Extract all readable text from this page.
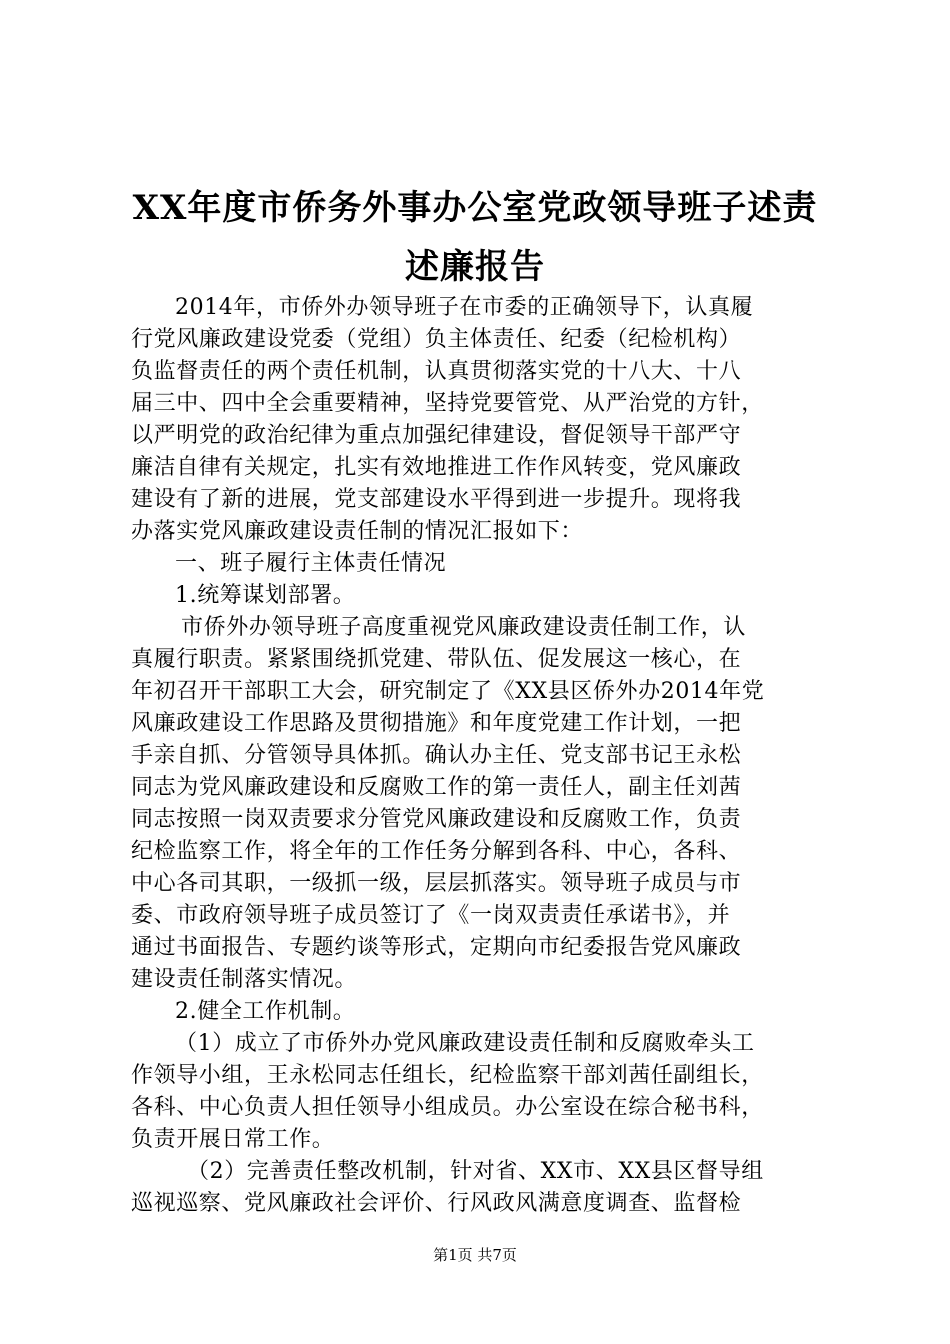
XX年度市侨务外事办公室党政领导班子述责
述廉报告
2014年，市侨外办领导班子在市委的正确领导下，认真履
行党风廉政建设党委（党组）负主体责任、纪委（纪检机构）
负监督责任的两个责任机制，认真贯彻落实党的十八大、十八
届三中、四中全会重要精神，坚持党要管党、从严治党的方针，
以严明党的政治纪律为重点加强纪律建设，督促领导干部严守
廉洁自律有关规定，扎实有效地推进工作作风转变，党风廉政
建设有了新的进展，党支部建设水平得到进一步提升。现将我
办落实党风廉政建设责任制的情况汇报如下：
一、班子履行主体责任情况
1.统筹谋划部署。
市侨外办领导班子高度重视党风廉政建设责任制工作，认
真履行职责。紧紧围绕抓党建、带队伍、促发展这一核心，在
年初召开干部职工大会，研究制定了《XX县区侨外办2014年党
风廉政建设工作思路及贯彻措施》和年度党建工作计划，一把
手亲自抓、分管领导具体抓。确认办主任、党支部书记王永松
同志为党风廉政建设和反腐败工作的第一责任人，副主任刘茜
同志按照一岗双责要求分管党风廉政建设和反腐败工作，负责
纪检监察工作，将全年的工作任务分解到各科、中心，各科、
中心各司其职，一级抓一级，层层抓落实。领导班子成员与市
委、市政府领导班子成员签订了《一岗双责责任承诺书》，并
通过书面报告、专题约谈等形式，定期向市纪委报告党风廉政
建设责任制落实情况。
2.健全工作机制。
（1）成立了市侨外办党风廉政建设责任制和反腐败牵头工
作领导小组，王永松同志任组长，纪检监察干部刘茜任副组长，
各科、中心负责人担任领导小组成员。办公室设在综合秘书科，
负责开展日常工作。
（2）完善责任整改机制，针对省、XX市、XX县区督导组
巡视巡察、党风廉政社会评价、行风政风满意度调查、监督检
第1页 共7页
